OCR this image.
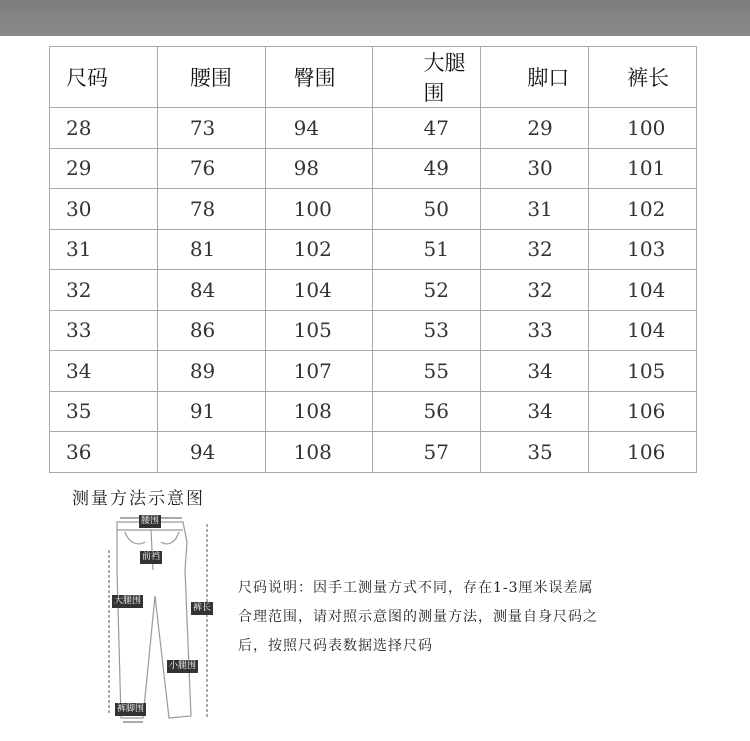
尺码	腰围	臀围	大腿围	脚口	裤长
28	73	94	47	29	100
29	76	98	49	30	101
30	78	100	50	31	102
31	81	102	51	32	103
32	84	104	52	32	104
33	86	105	53	33	104
34	89	107	55	34	105
35	91	108	56	34	106
36	94	108	57	35	106
测量方法示意图
腰围
前裆
大腿围
裤长
小腿围
裤脚围

尺码说明：因手工测量方式不同，存在1-3厘米误差属

合理范围，请对照示意图的测量方法，测量自身尺码之

后，按照尺码表数据选择尺码
